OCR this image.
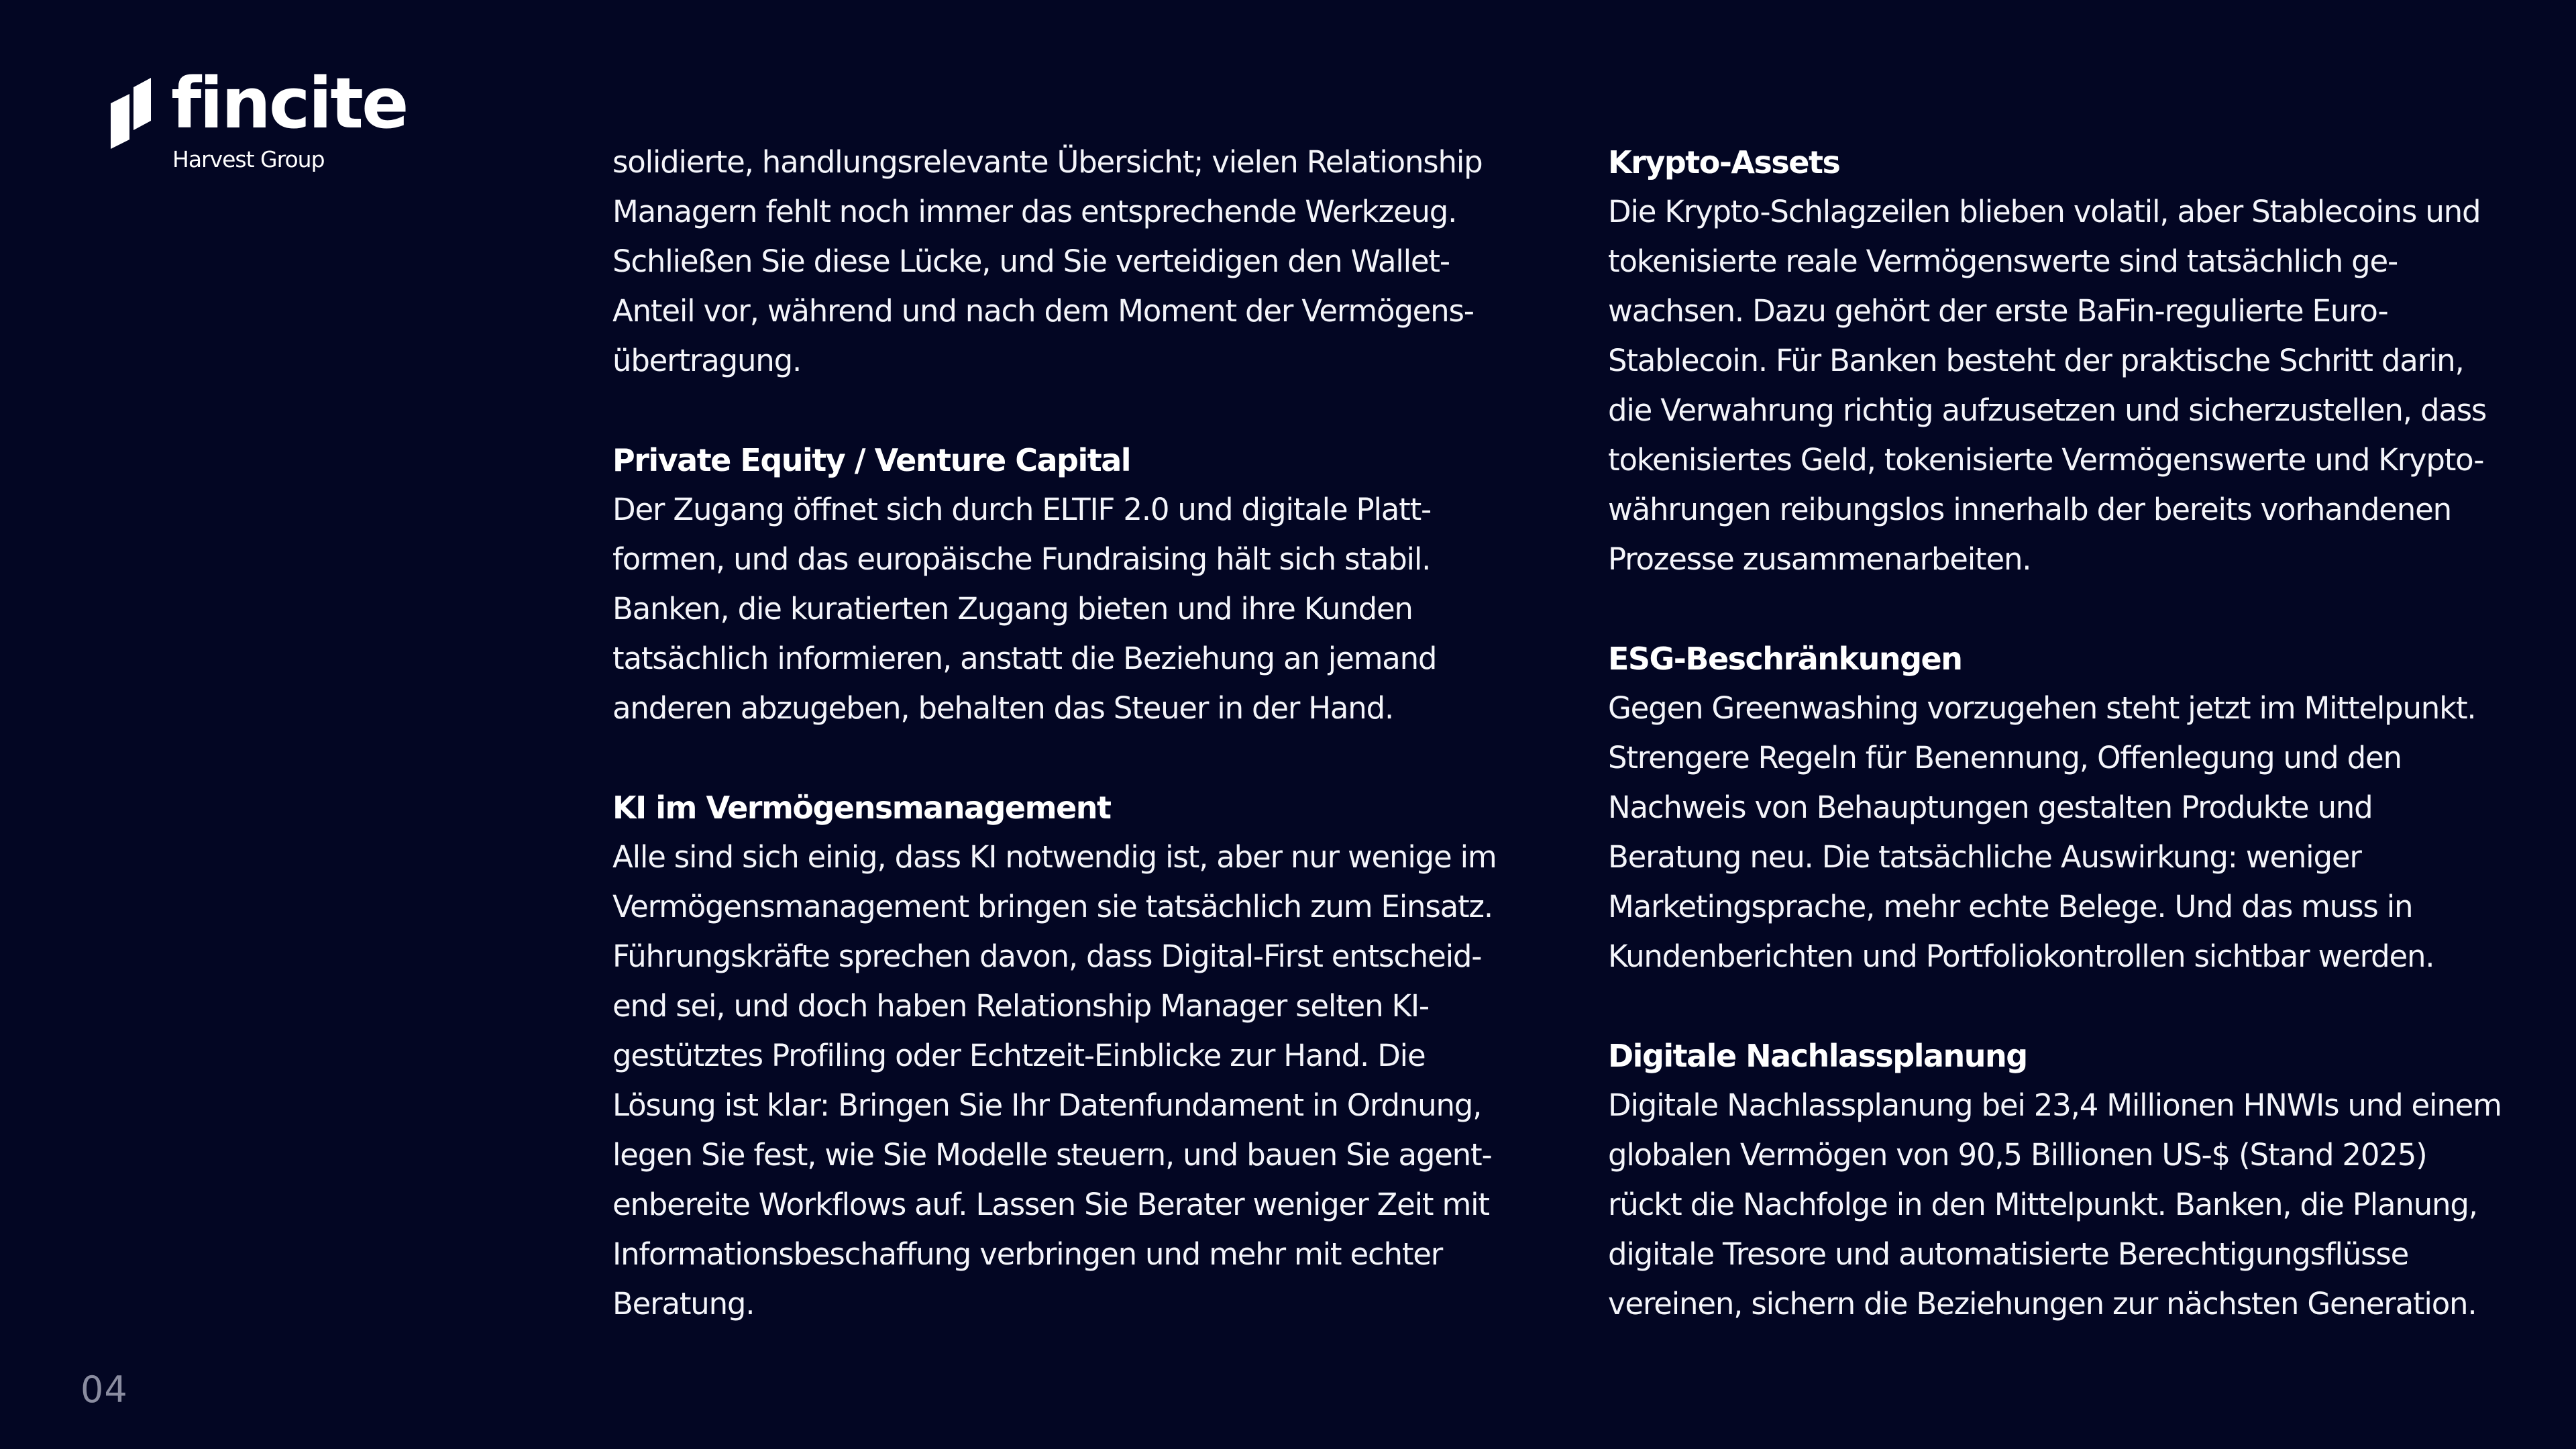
fincite
Harvest Group	solidierte, handlungsrelevante Übersicht; vielen Relationship
Managern fehlt noch immer das entsprechende Werkzeug.
Schließen Sie diese Lücke, und Sie verteidigen den Wallet-
Anteil vor, während und nach dem Moment der Vermögens-
übertragung.
Private Equity / Venture Capital
Der Zugang öffnet sich durch ELTIF 2.0 und digitale Platt-
formen, und das europäische Fundraising hält sich stabil.
Banken, die kuratierten Zugang bieten und ihre Kunden
tatsächlich informieren, anstatt die Beziehung an jemand
anderen abzugeben, behalten das Steuer in der Hand.
KI im Vermögensmanagement
Alle sind sich einig, dass KI notwendig ist, aber nur wenige im
Vermögensmanagement bringen sie tatsächlich zum Einsatz.
Führungskräfte sprechen davon, dass Digital-First entscheid-
end sei, und doch haben Relationship Manager selten KI-
gestütztes Profiling oder Echtzeit-Einblicke zur Hand. Die
Lösung ist klar: Bringen Sie Ihr Datenfundament in Ordnung,
legen Sie fest, wie Sie Modelle steuern, und bauen Sie agent-
enbereite Workflows auf. Lassen Sie Berater weniger Zeit mit
Informationsbeschaffung verbringen und mehr mit echter
Beratung.
Krypto-Assets
Die Krypto-Schlagzeilen blieben volatil, aber Stablecoins und
tokenisierte reale Vermögenswerte sind tatsächlich ge-
wachsen. Dazu gehört der erste BaFin-regulierte Euro-
Stablecoin. Für Banken besteht der praktische Schritt darin,
die Verwahrung richtig aufzusetzen und sicherzustellen, dass
tokenisiertes Geld, tokenisierte Vermögenswerte und Krypto-
währungen reibungslos innerhalb der bereits vorhandenen
Prozesse zusammenarbeiten.
ESG-Beschränkungen
Gegen Greenwashing vorzugehen steht jetzt im Mittelpunkt.
Strengere Regeln für Benennung, Offenlegung und den
Nachweis von Behauptungen gestalten Produkte und
Beratung neu. Die tatsächliche Auswirkung: weniger
Marketingsprache, mehr echte Belege. Und das muss in
Kundenberichten und Portfoliokontrollen sichtbar werden.
Digitale Nachlassplanung
Digitale Nachlassplanung bei 23,4 Millionen HNWIs und einem
globalen Vermögen von 90,5 Billionen US-$ (Stand 2025)
rückt die Nachfolge in den Mittelpunkt. Banken, die Planung,
digitale Tresore und automatisierte Berechtigungsflüsse
vereinen, sichern die Beziehungen zur nächsten Generation.
04
